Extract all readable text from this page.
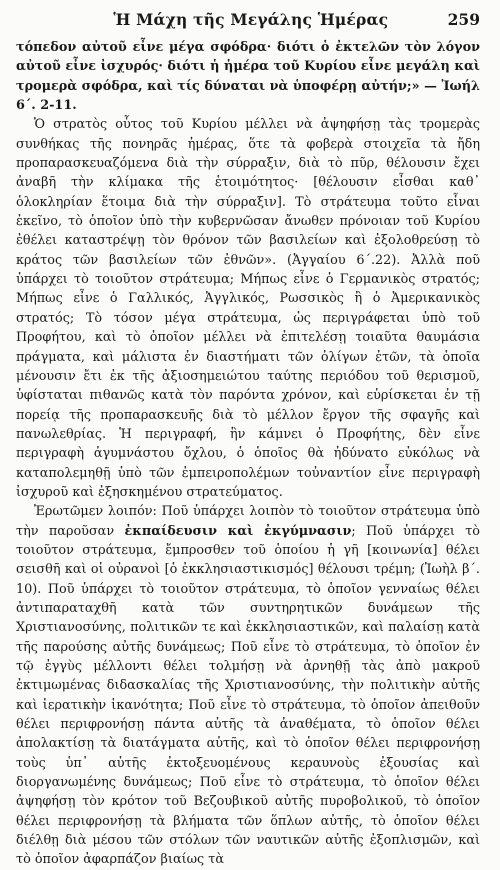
Ἡ Μάχη τῆς Μεγάλης Ἡμέρας	259

τόπεδον αὐτοῦ εἶνε μέγα σφόδρα· διότι ὁ ἐκτελῶν τὸν λόγον αὐτοῦ εἶνε ἰσχυρός· διότι ἡ ἡμέρα τοῦ Κυρίου εἶνε μεγάλη καὶ τρομερὰ σφόδρα, καὶ τίς δύναται νὰ ὑποφέρῃ αὐτήν;» — Ἰωήλ 6΄. 2-11.

Ὁ στρατὸς οὗτος τοῦ Κυρίου μέλλει νὰ ἀψηφήσῃ τὰς τρομερὰς συνθήκας τῆς πονηρᾶς ἡμέρας, ὅτε τὰ φοβερὰ στοιχεῖα τὰ ἤδη προπαρασκευαζόμενα διὰ τὴν σύρραξιν, διὰ τὸ πῦρ, θέλουσιν ἔχει ἀναβῆ τὴν κλίμακα τῆς ἑτοιμότητος· [θέλουσιν εἶσθαι καθ᾽ ὁλοκληρίαν ἕτοιμα διὰ τὴν σύρραξιν]. Τὸ στράτευμα τοῦτο εἶναι ἐκεῖνο, τὸ ὁποῖον ὑπὸ τὴν κυβερνῶσαν ἄνωθεν πρόνοιαν τοῦ Κυρίου ἐθέλει καταστρέψῃ τὸν θρόνον τῶν βασιλείων καὶ ἐξολοθρεύσῃ τὸ κράτος τῶν βασιλείων τῶν ἐθνῶν». (Ἀγγαίου 6΄.22). Ἀλλὰ ποῦ ὑπάρχει τὸ τοιοῦτον στράτευμα; Μήπως εἶνε ὁ Γερμανικὸς στρατός; Μήπως εἶνε ὁ Γαλλικός, Ἀγγλικός, Ρωσσικὸς ἢ ὁ Ἀμερικανικὸς στρατός; Τὸ τόσον μέγα στράτευμα, ὡς περιγράφεται ὑπὸ τοῦ Προφήτου, καὶ τὸ ὁποῖον μέλλει νὰ ἐπιτελέσῃ τοιαῦτα θαυμάσια πράγματα, καὶ μάλιστα ἐν διαστήματι τῶν ὀλίγων ἐτῶν, τὰ ὁποῖα μένουσιν ἔτι ἐκ τῆς ἀξιοσημειώτου ταύτης περιόδου τοῦ θερισμοῦ, ὑφίσταται πιθανῶς κατὰ τὸν παρόντα χρόνον, καὶ εὑρίσκεται ἐν τῇ πορείᾳ τῆς προπαρασκευῆς διὰ τὸ μέλλον ἔργον τῆς σφαγῆς καὶ πανωλεθρίας. Ἡ περιγραφή, ἣν κάμνει ὁ Προφήτης, δὲν εἶνε περιγραφὴ ἀγυμνάστου ὄχλου, ὁ ὁποῖος θὰ ἠδύνατο εὐκόλως νὰ καταπολεμηθῇ ὑπὸ τῶν ἐμπειροπολέμων τοὐναντίον εἶνε περιγραφὴ ἰσχυροῦ καὶ ἐξησκημένου στρατεύματος.

Ἐρωτῶμεν λοιπόν: Ποῦ ὑπάρχει λοιπὸν τὸ τοιοῦτον στράτευμα ὑπὸ τὴν παροῦσαν ἐκπαίδευσιν καὶ ἐκγύμνασιν; Ποῦ ὑπάρχει τὸ τοιοῦτον στράτευμα, ἔμπροσθεν τοῦ ὁποίου ἡ γῆ [κοινωνία] θέλει σεισθῆ καὶ οἱ οὐρανοὶ [ὁ ἐκκλησιαστικισμός] θέλουσι τρέμη; (Ἰωὴλ β΄. 10). Ποῦ ὑπάρχει τὸ τοιοῦτον στράτευμα, τὸ ὁποῖον γενναίως θέλει ἀντιπαραταχθῆ κατὰ τῶν συντηρητικῶν δυνάμεων τῆς Χριστιανοσύνης, πολιτικῶν τε καὶ ἐκκλησιαστικῶν, καὶ παλαίσῃ κατὰ τῆς παρούσης αὐτῆς δυνάμεως; Ποῦ εἶνε τὸ στράτευμα, τὸ ὁποῖον ἐν τῷ ἐγγὺς μέλλοντι θέλει τολμήσῃ νὰ ἀρνηθῇ τὰς ἀπὸ μακροῦ ἐκτιμωμένας διδασκαλίας τῆς Χριστιανοσύνης, τὴν πολιτικὴν αὐτῆς καὶ ἱερατικὴν ἱκανότητα; Ποῦ εἶνε τὸ στράτευμα, τὸ ὁποῖον ἀπειθοῦν θέλει περιφρονήσῃ πάντα αὐτῆς τὰ ἀναθέματα, τὸ ὁποῖον θέλει ἀπολακτίσῃ τὰ διατάγματα αὐτῆς, καὶ τὸ ὁποῖον θέλει περιφρονήσῃ τοὺς ὑπ᾽ αὐτῆς ἐκτοξευομένους κεραυνοὺς ἐξουσίας καὶ διοργανωμένης δυνάμεως; Ποῦ εἶνε τὸ στράτευμα, τὸ ὁποῖον θέλει ἀψηφήσῃ τὸν κρότον τοῦ Βεζουβικοῦ αὐτῆς πυροβολικοῦ, τὸ ὁποῖον θέλει περιφρονήσῃ τὰ βλήματα τῶν ὅπλων αὐτῆς, τὸ ὁποῖον θέλει διέλθῃ διὰ μέσου τῶν στόλων τῶν ναυτικῶν αὐτῆς ἐξοπλισμῶν, καὶ τὸ ὁποῖον ἀφαρπάζον βιαίως τὰ
